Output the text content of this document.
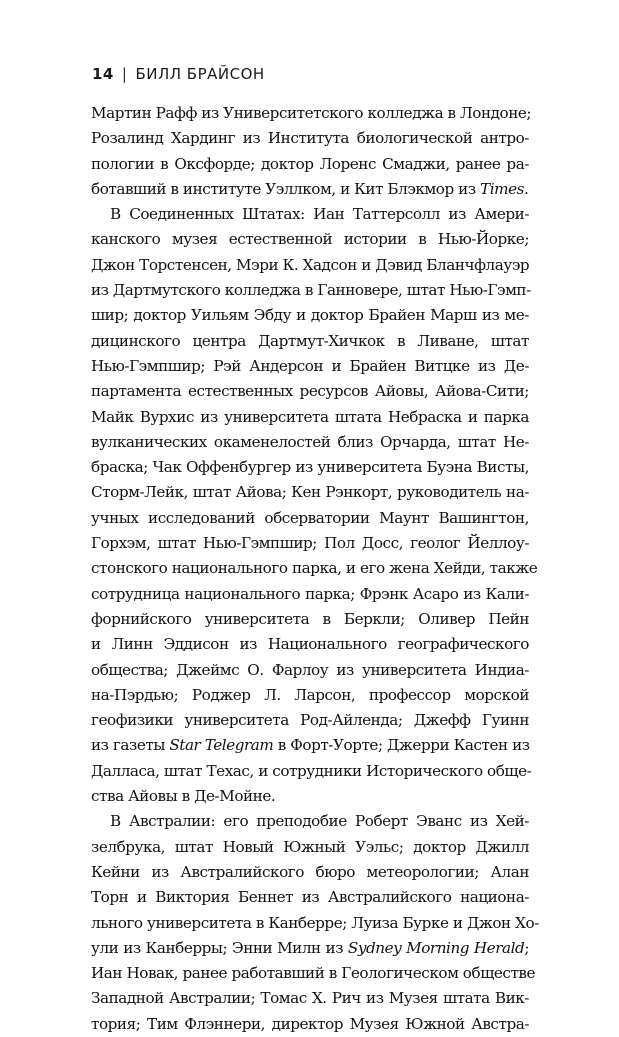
14 | БИЛЛ БРАЙСОН
Мартин Рафф из Университетского колледжа в Лондоне;
Розалинд Хардинг из Института биологической антро-
пологии в Оксфорде; доктор Лоренс Смаджи, ранее ра-
ботавший в институте Уэллком, и Кит Блэкмор из Times.
В Соединенных Штатах: Иан Таттерсолл из Амери-
канского музея естественной истории в Нью-Йорке;
Джон Торстенсен, Мэри К. Хадсон и Дэвид Бланчфлауэр
из Дартмутского колледжа в Ганновере, штат Нью-Гэмп-
шир; доктор Уильям Эбду и доктор Брайен Марш из ме-
дицинского центра Дартмут-Хичкок в Ливане, штат
Нью-Гэмпшир; Рэй Андерсон и Брайен Витцке из Де-
партамента естественных ресурсов Айовы, Айова-Сити;
Майк Вурхис из университета штата Небраска и парка
вулканических окаменелостей близ Орчарда, штат Не-
браска; Чак Оффенбургер из университета Буэна Висты,
Сторм-Лейк, штат Айова; Кен Рэнкорт, руководитель на-
учных исследований обсерватории Маунт Вашингтон,
Горхэм, штат Нью-Гэмпшир; Пол Досс, геолог Йеллоу-
стонского национального парка, и его жена Хейди, также
сотрудница национального парка; Фрэнк Асаро из Кали-
форнийского университета в Беркли; Оливер Пейн
и Линн Эддисон из Национального географического
общества; Джеймс О. Фарлоу из университета Индиа-
на-Пэрдью; Роджер Л. Ларсон, профессор морской
геофизики университета Род-Айленда; Джефф Гуинн
из газеты Star Telegram в Форт-Уорте; Джерри Кастен из
Далласа, штат Техас, и сотрудники Исторического обще-
ства Айовы в Де-Мойне.
В Австралии: его преподобие Роберт Эванс из Хей-
зелбрука, штат Новый Южный Уэльс; доктор Джилл
Кейни из Австралийского бюро метеорологии; Алан
Торн и Виктория Беннет из Австралийского национа-
льного университета в Канберре; Луиза Бурке и Джон Хо-
ули из Канберры; Энни Милн из Sydney Morning Herald;
Иан Новак, ранее работавший в Геологическом обществе
Западной Австралии; Томас Х. Рич из Музея штата Вик-
тория; Тим Флэннери, директор Музея Южной Австра-
